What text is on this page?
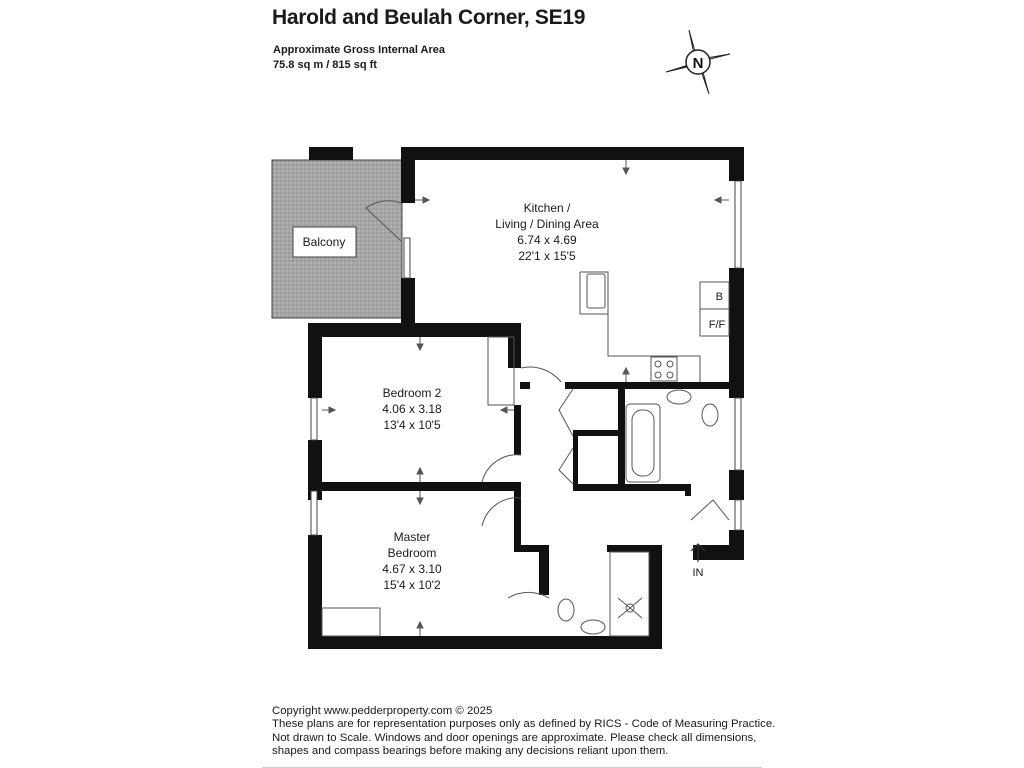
Harold and Beulah Corner, SE19
Approximate Gross Internal Area
75.8 sq m / 815 sq ft	N
Balcony
B
F/F
IN
Kitchen /
Living / Dining Area
6.74 x 4.69
22'1 x 15'5
Bedroom 2
4.06 x 3.18
13'4 x 10'5
Master
Bedroom
4.67 x 3.10
15'4 x 10'2
Copyright www.pedderproperty.com © 2025
These plans are for representation purposes only as defined by RICS - Code of Measuring Practice.
Not drawn to Scale. Windows and door openings are approximate. Please check all dimensions,
shapes and compass bearings before making any decisions reliant upon them.
